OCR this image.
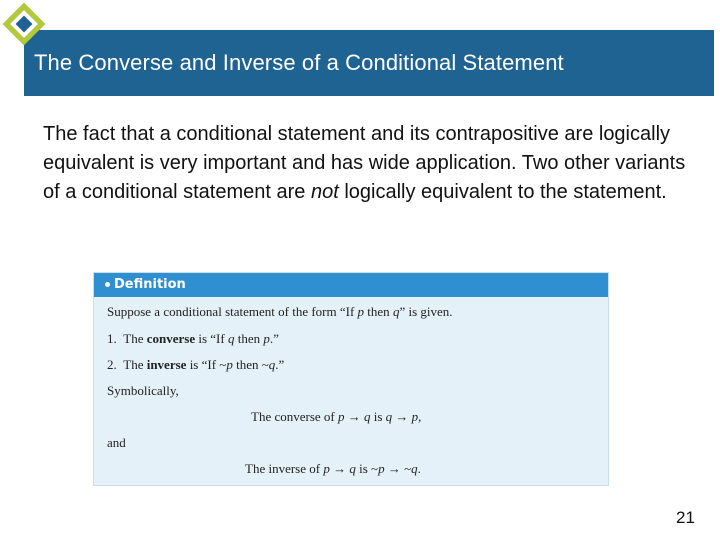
The Converse and Inverse of a Conditional Statement
The fact that a conditional statement and its contrapositive are logically equivalent is very important and has wide application. Two other variants of a conditional statement are not logically equivalent to the statement.
Definition
Suppose a conditional statement of the form “If p then q” is given.
1. The converse is “If q then p.”
2. The inverse is “If ~p then ~q.”
Symbolically,
The converse of p → q is q → p,
and
The inverse of p → q is ~p → ~q.
21
